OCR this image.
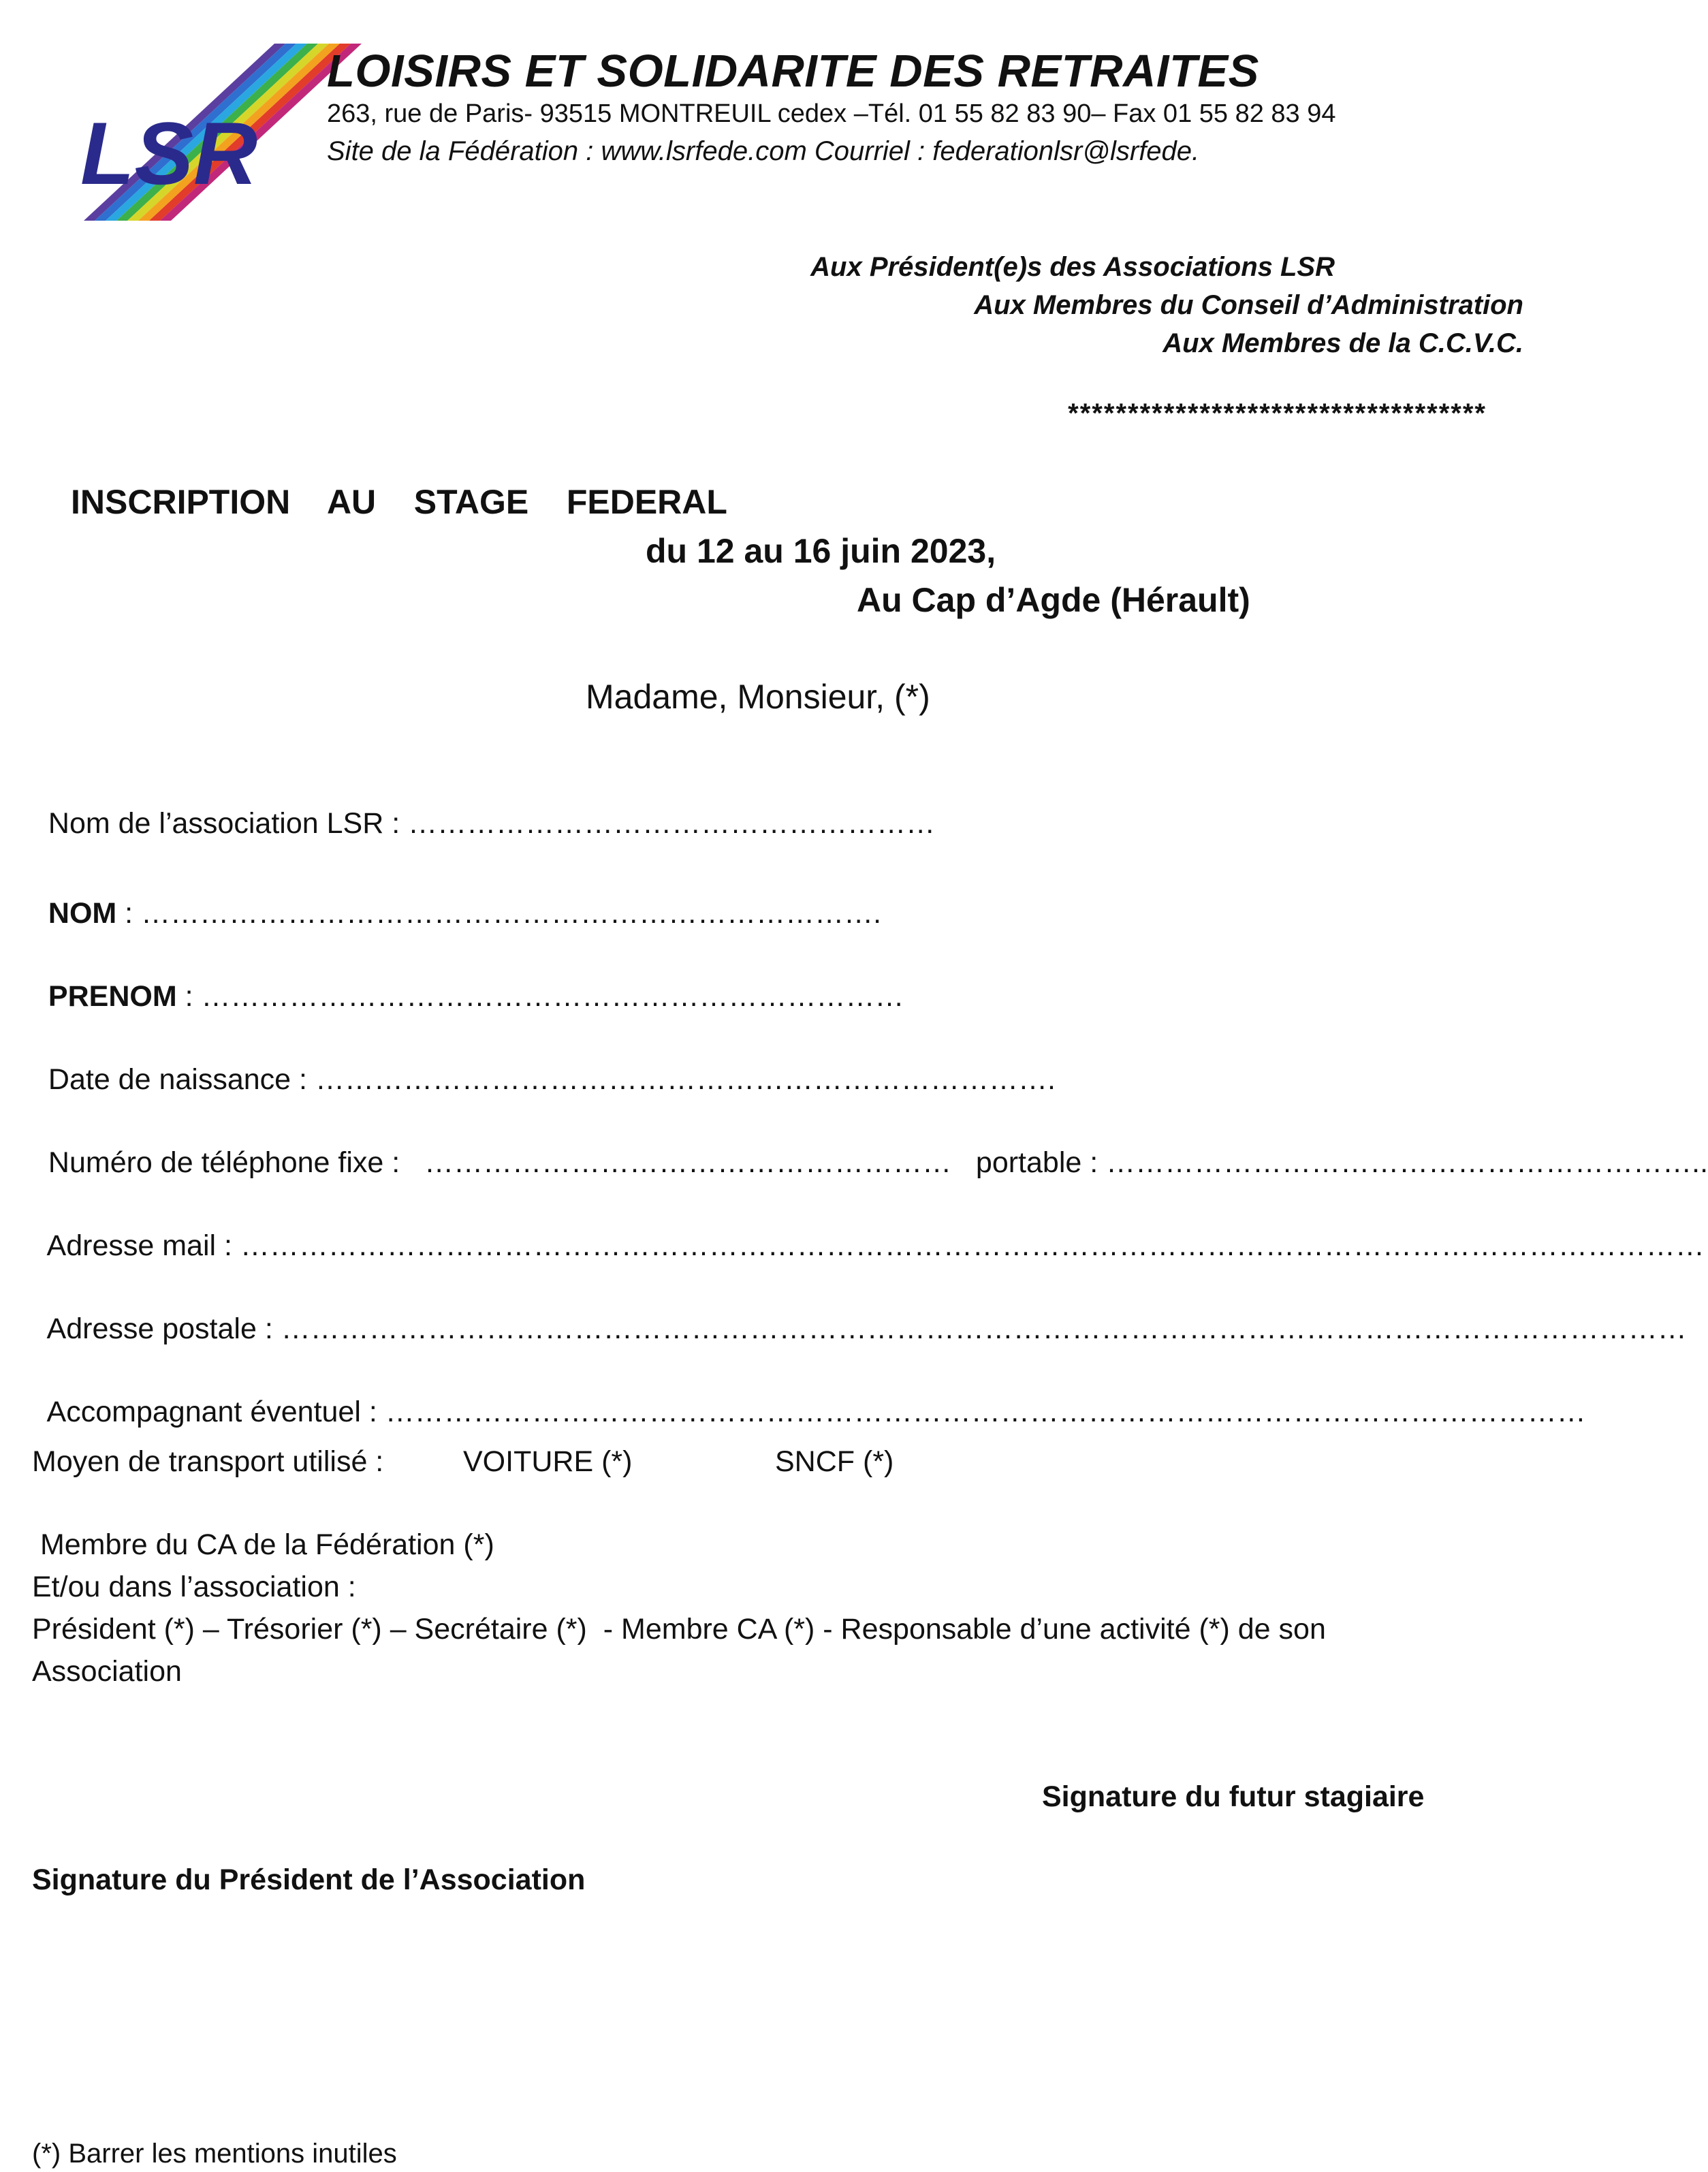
LSR
LOISIRS ET SOLIDARITE DES RETRAITES
263, rue de Paris- 93515 MONTREUIL cedex –Tél. 01 55 82 83 90– Fax 01 55 82 83 94
Site de la Fédération : www.lsrfede.com Courriel : federationlsr@lsrfede.
Aux Président(e)s des Associations LSR
Aux Membres du Conseil d’Administration
Aux Membres de la C.C.V.C.
***********************************
INSCRIPTION    AU    STAGE    FEDERAL
du 12 au 16 juin 2023,
Au Cap d’Agde (Hérault)
Madame, Monsieur, (*)

Nom de l’association LSR : ………………………………………………

NOM : ………………………………………………………………….

PRENOM : ………………………………………………………………

Date de naissance : ………………………………………………………………….

Numéro de téléphone fixe :   ………………………………………………   portable : ……………………………………………………..

Adresse mail : ……………………………………………………………………………………………………………………………………

Adresse postale : ………………………………………………………………………………………………………………………………

Accompagnant éventuel : ……………………………………………………………………………………………………………

Moyen de transport utilisé :	VOITURE (*)	SNCF (*)
Membre du CA de la Fédération (*)
Et/ou dans l’association :
Président (*) – Trésorier (*) – Secrétaire (*)  - Membre CA (*) - Responsable d’une activité (*) de son
Association
Signature du futur stagiaire
Signature du Président de l’Association
(*) Barrer les mentions inutiles
